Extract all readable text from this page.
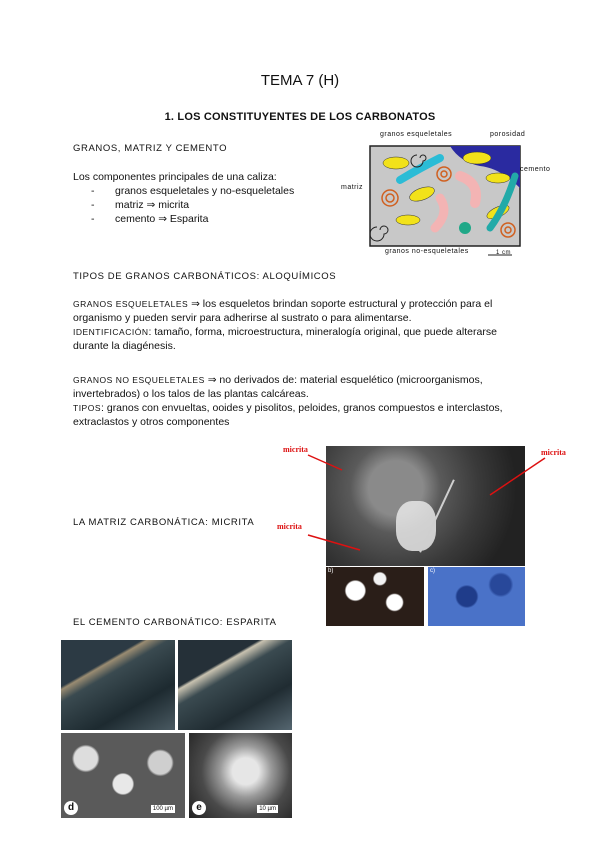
TEMA 7 (H)
1. LOS CONSTITUYENTES DE LOS CARBONATOS
GRANOS, MATRIZ Y CEMENTO
Los componentes principales de una caliza:
- granos esqueletales y no-esqueletales
- matriz ⇒ micrita
- cemento ⇒ Esparita
granos esqueletales	porosidad
cemento
matriz
granos no-esqueletales	1 cm
TIPOS DE GRANOS CARBONÁTICOS: ALOQUÍMICOS
GRANOS ESQUELETALES ⇒ los esqueletos brindan soporte estructural y protección para el organismo y pueden servir para adherirse al sustrato o para alimentarse.
IDENTIFICACIÓN: tamaño, forma, microestructura, mineralogía original, que puede alterarse durante la diagénesis.
GRANOS NO ESQUELETALES ⇒ no derivados de: material esquelético (microorganismos, invertebrados) o los talos de las plantas calcáreas.
TIPOS: granos con envueltas, ooides y pisolitos, peloides, granos compuestos e interclastos, extraclastos y otros componentes
LA MATRIZ CARBONÁTICA: MICRITA
micrita	micrita
micrita
b)	c)
EL CEMENTO CARBONÁTICO: ESPARITA
d	100 µm	e	10 µm
